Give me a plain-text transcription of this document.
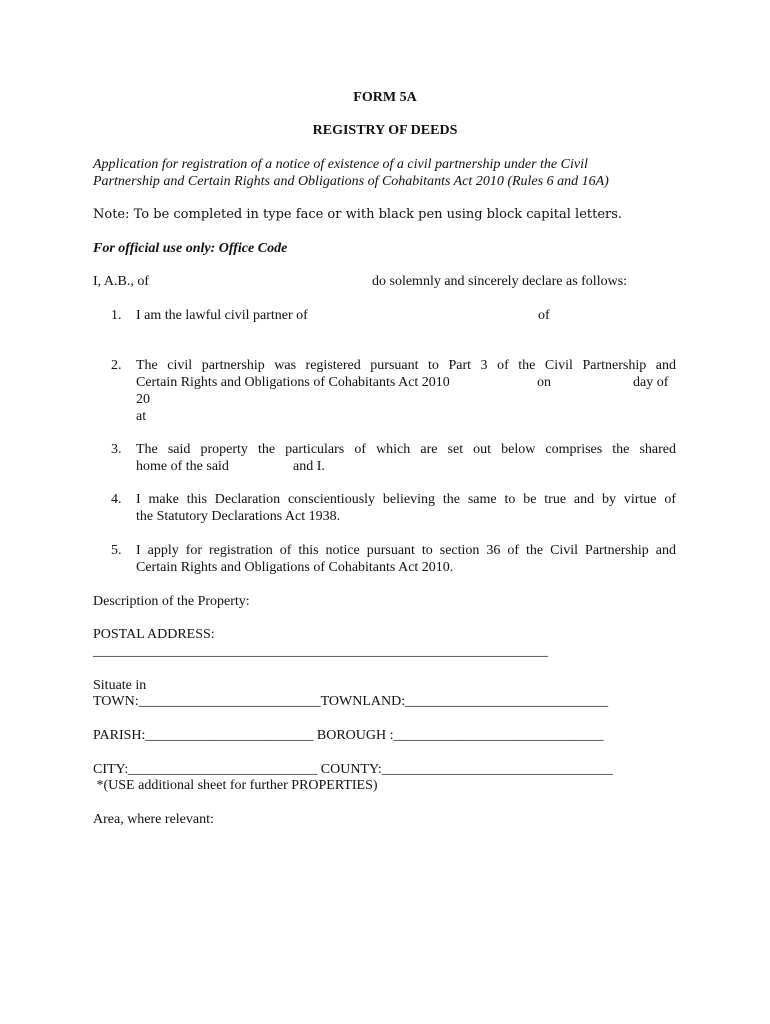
FORM 5A
REGISTRY OF DEEDS
Application for registration of a notice of existence of a civil partnership under the Civil
Partnership and Certain Rights and Obligations of Cohabitants Act 2010 (Rules 6 and 16A)
Note: To be completed in type face or with black pen using block capital letters.
For official use only: Office Code
I, A.B., of	do solemnly and sincerely declare as follows:
1.	I am the lawful civil partner of	of
2.	The civil partnership was registered pursuant to Part 3 of the Civil Partnership and
Certain Rights and Obligations of Cohabitants Act 2010	on	day of
20
at
3.	The said property the particulars of which are set out below comprises the shared
home of the said	and I.
4.	I make this Declaration conscientiously believing the same to be true and by virtue of
the Statutory Declarations Act 1938.
5.	I apply for registration of this notice pursuant to section 36 of the Civil Partnership and
Certain Rights and Obligations of Cohabitants Act 2010.
Description of the Property:
POSTAL ADDRESS:
_________________________________________________________________
Situate in
TOWN:__________________________TOWNLAND:_____________________________
PARISH:________________________ BOROUGH :______________________________
CITY:___________________________ COUNTY:_________________________________
*(USE additional sheet for further PROPERTIES)
Area, where relevant:
